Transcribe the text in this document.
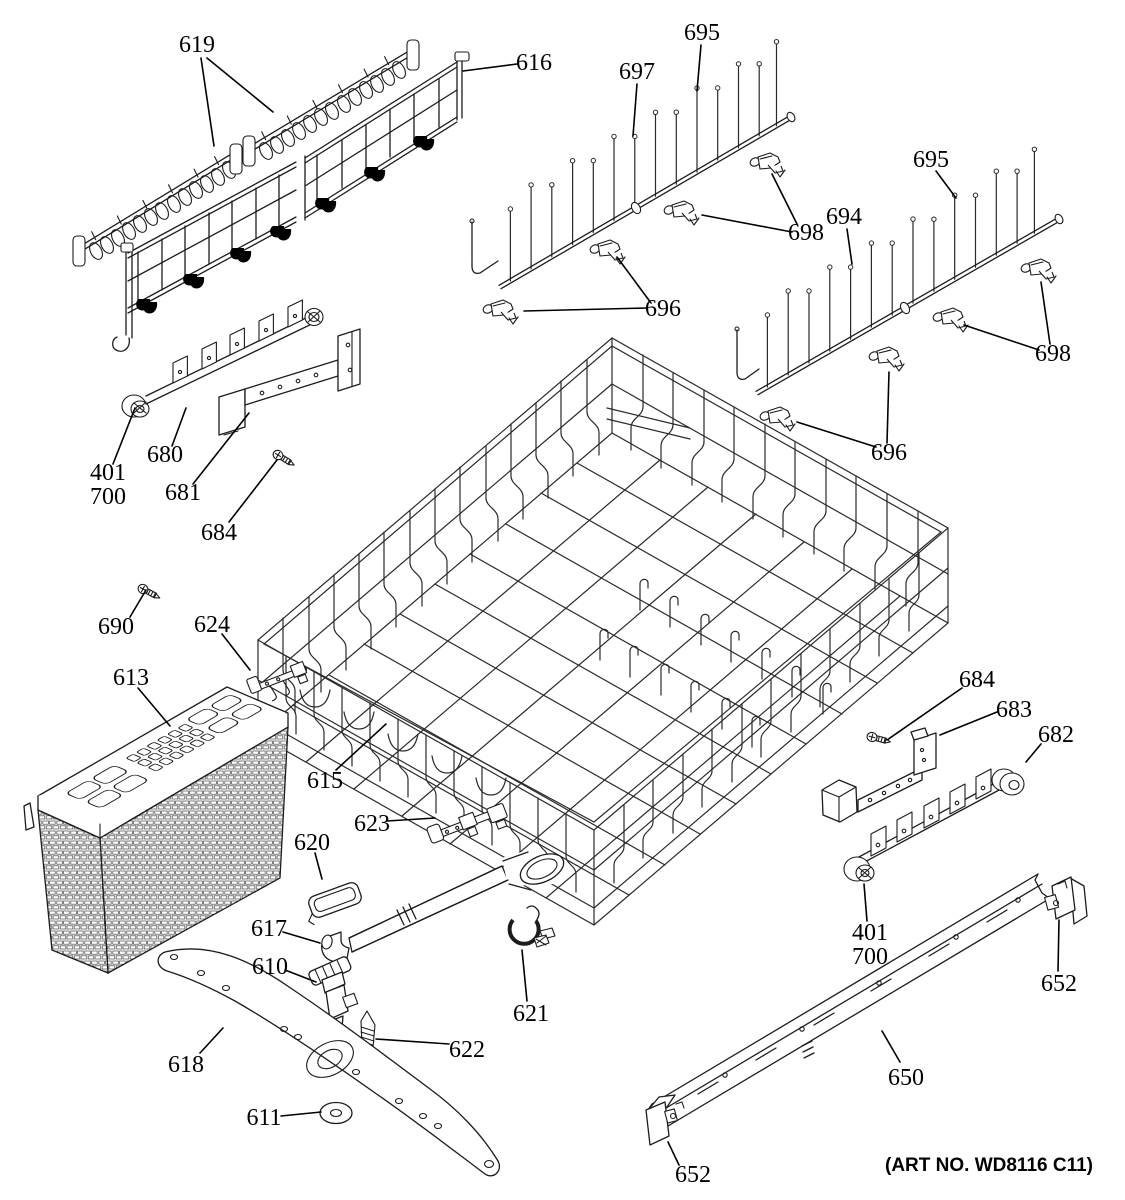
619
616	697
695
695
694
698
696
698
696
680
401
700 681
684
690	624
613
615
623
620
617
610
621
622
618
611
684
683
682
401
700
652
650
652	(ART NO. WD8116 C11)
